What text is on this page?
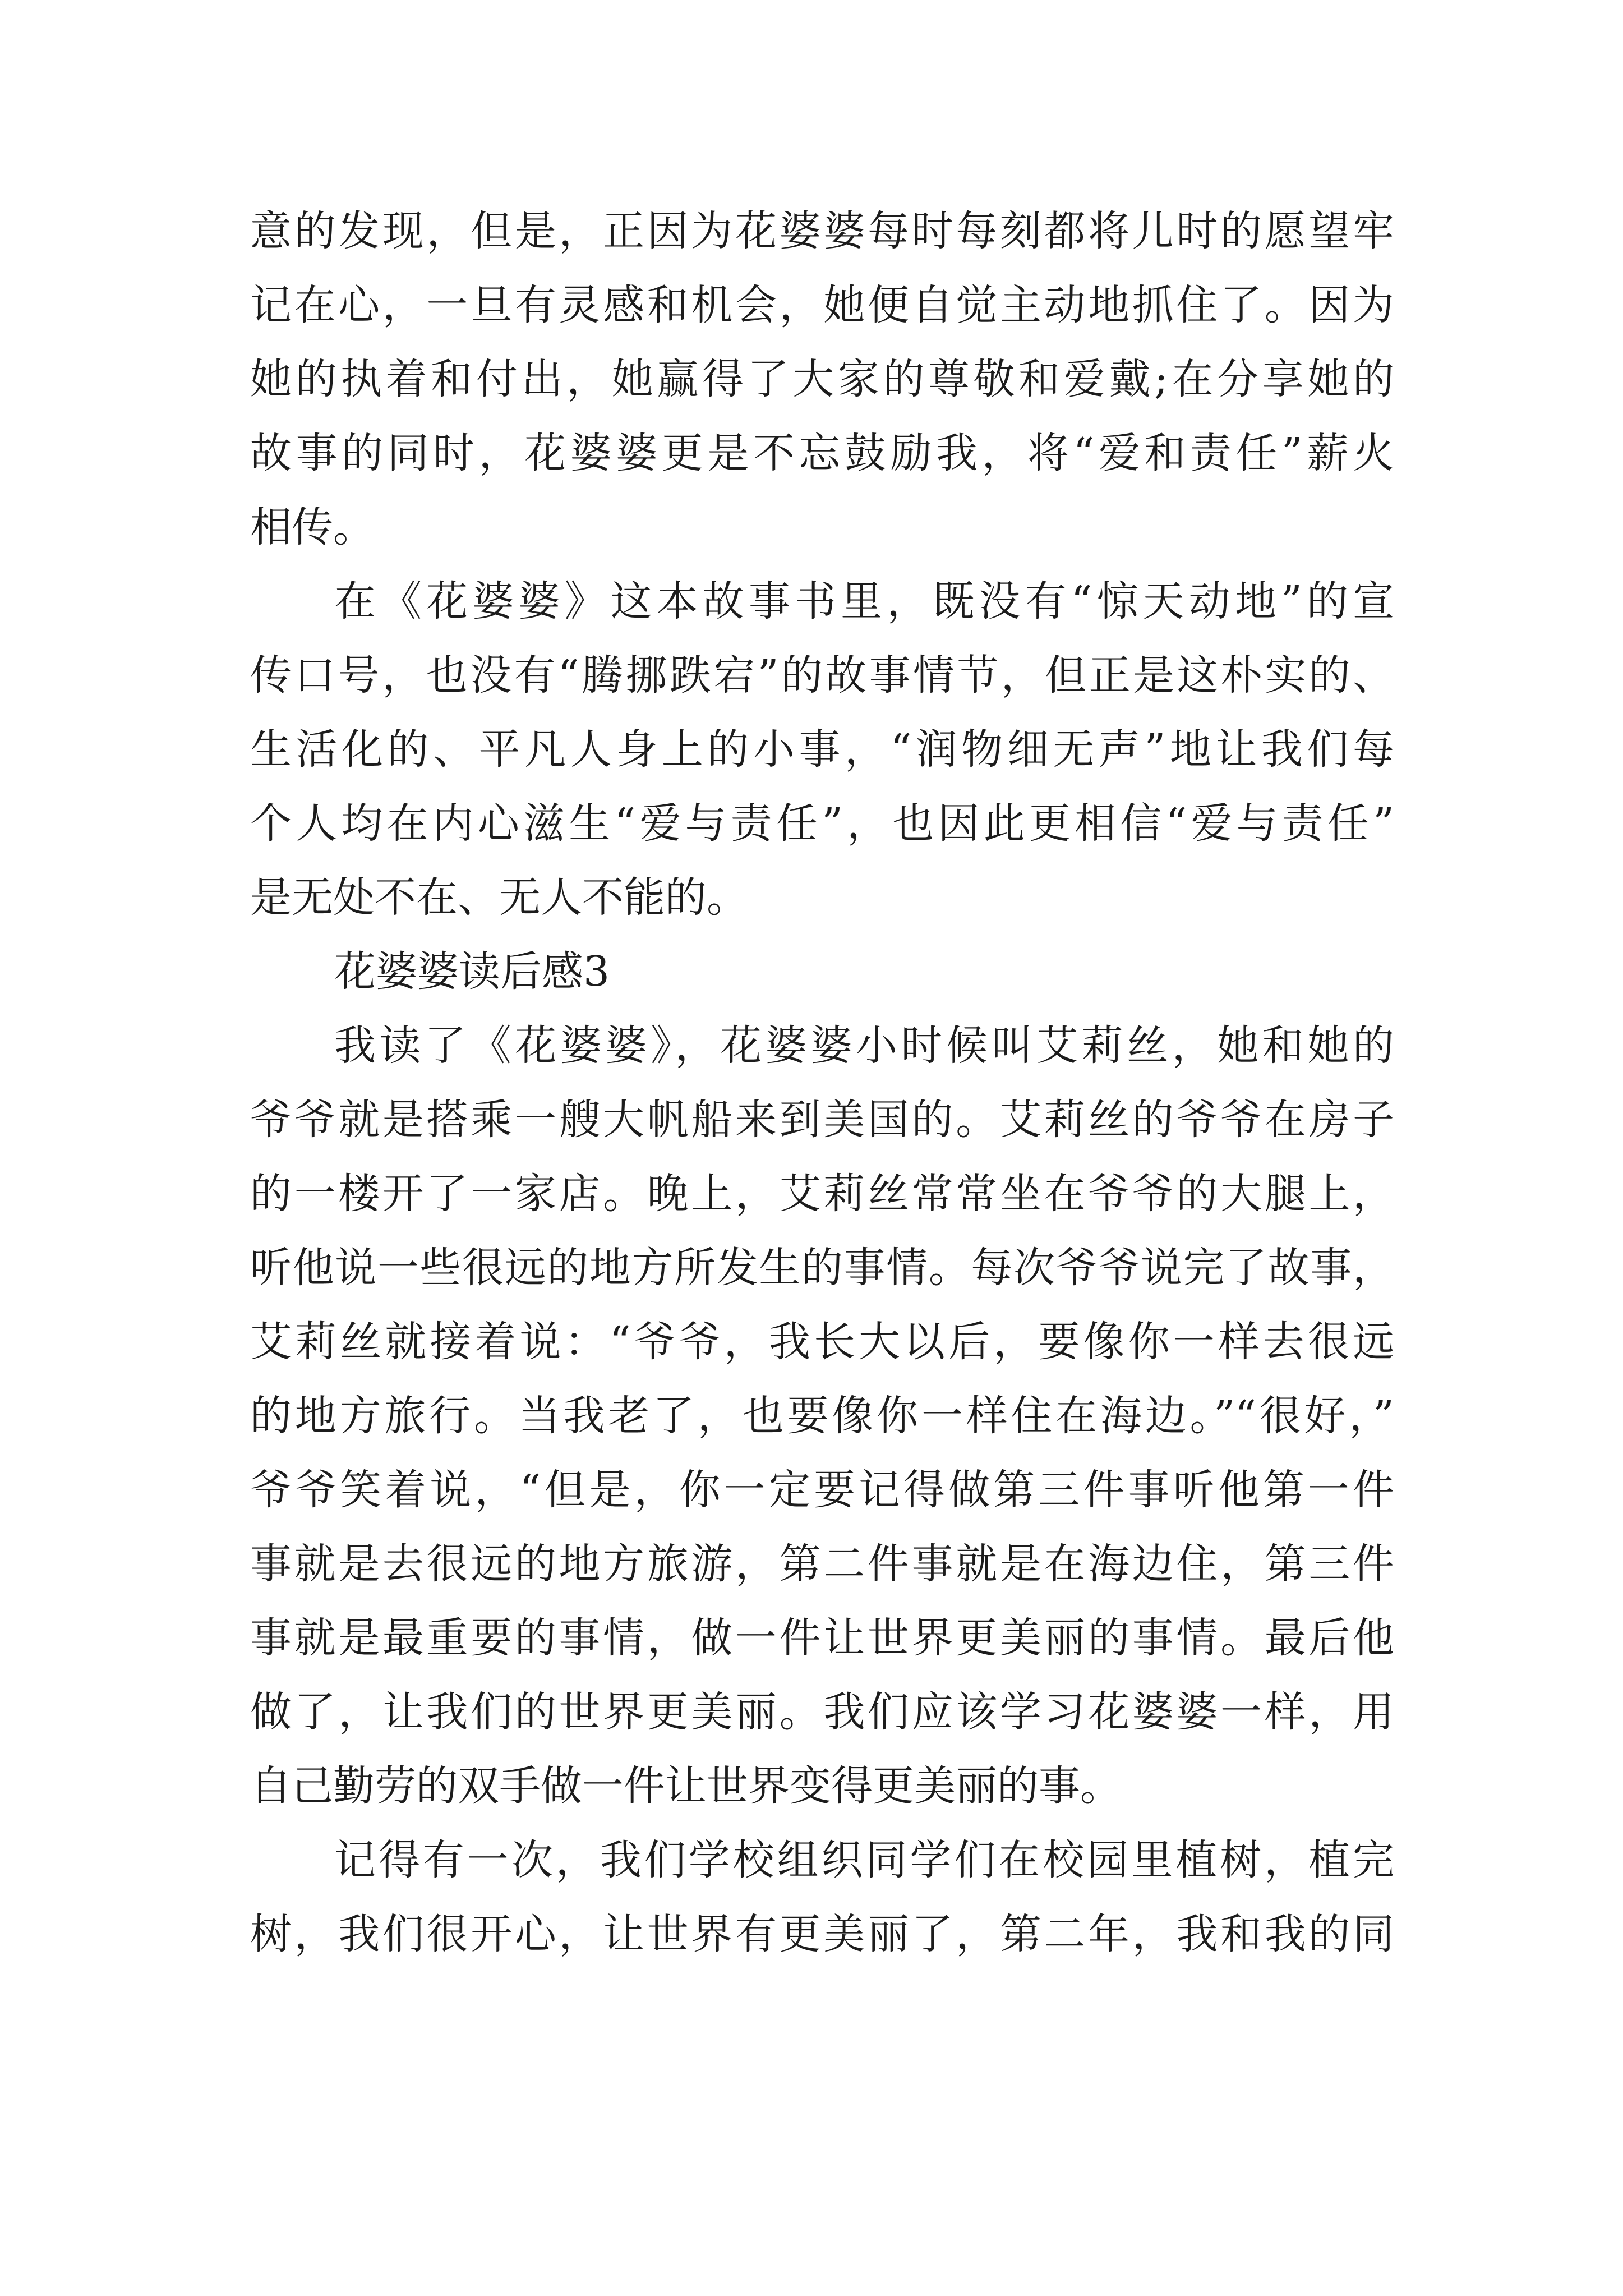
意的发现，但是，正因为花婆婆每时每刻都将儿时的愿望牢
记在心，一旦有灵感和机会，她便自觉主动地抓住了。因为
她的执着和付出，她赢得了大家的尊敬和爱戴;在分享她的
故事的同时，花婆婆更是不忘鼓励我，将“爱和责任”薪火
相传。
在《花婆婆》这本故事书里，既没有“惊天动地”的宣
传口号，也没有“腾挪跌宕”的故事情节，但正是这朴实的、
生活化的、平凡人身上的小事，“润物细无声”地让我们每
个人均在内心滋生“爱与责任”，也因此更相信“爱与责任”
是无处不在、无人不能的。
花婆婆读后感3
我读了《花婆婆》，花婆婆小时候叫艾莉丝，她和她的
爷爷就是搭乘一艘大帆船来到美国的。艾莉丝的爷爷在房子
的一楼开了一家店。晚上，艾莉丝常常坐在爷爷的大腿上，
听他说一些很远的地方所发生的事情。每次爷爷说完了故事，
艾莉丝就接着说：“爷爷，我长大以后，要像你一样去很远
的地方旅行。当我老了，也要像你一样住在海边。”“很好，”
爷爷笑着说，“但是，你一定要记得做第三件事听他第一件
事就是去很远的地方旅游，第二件事就是在海边住，第三件
事就是最重要的事情，做一件让世界更美丽的事情。最后他
做了，让我们的世界更美丽。我们应该学习花婆婆一样，用
自己勤劳的双手做一件让世界变得更美丽的事。
记得有一次，我们学校组织同学们在校园里植树，植完
树，我们很开心，让世界有更美丽了，第二年，我和我的同
